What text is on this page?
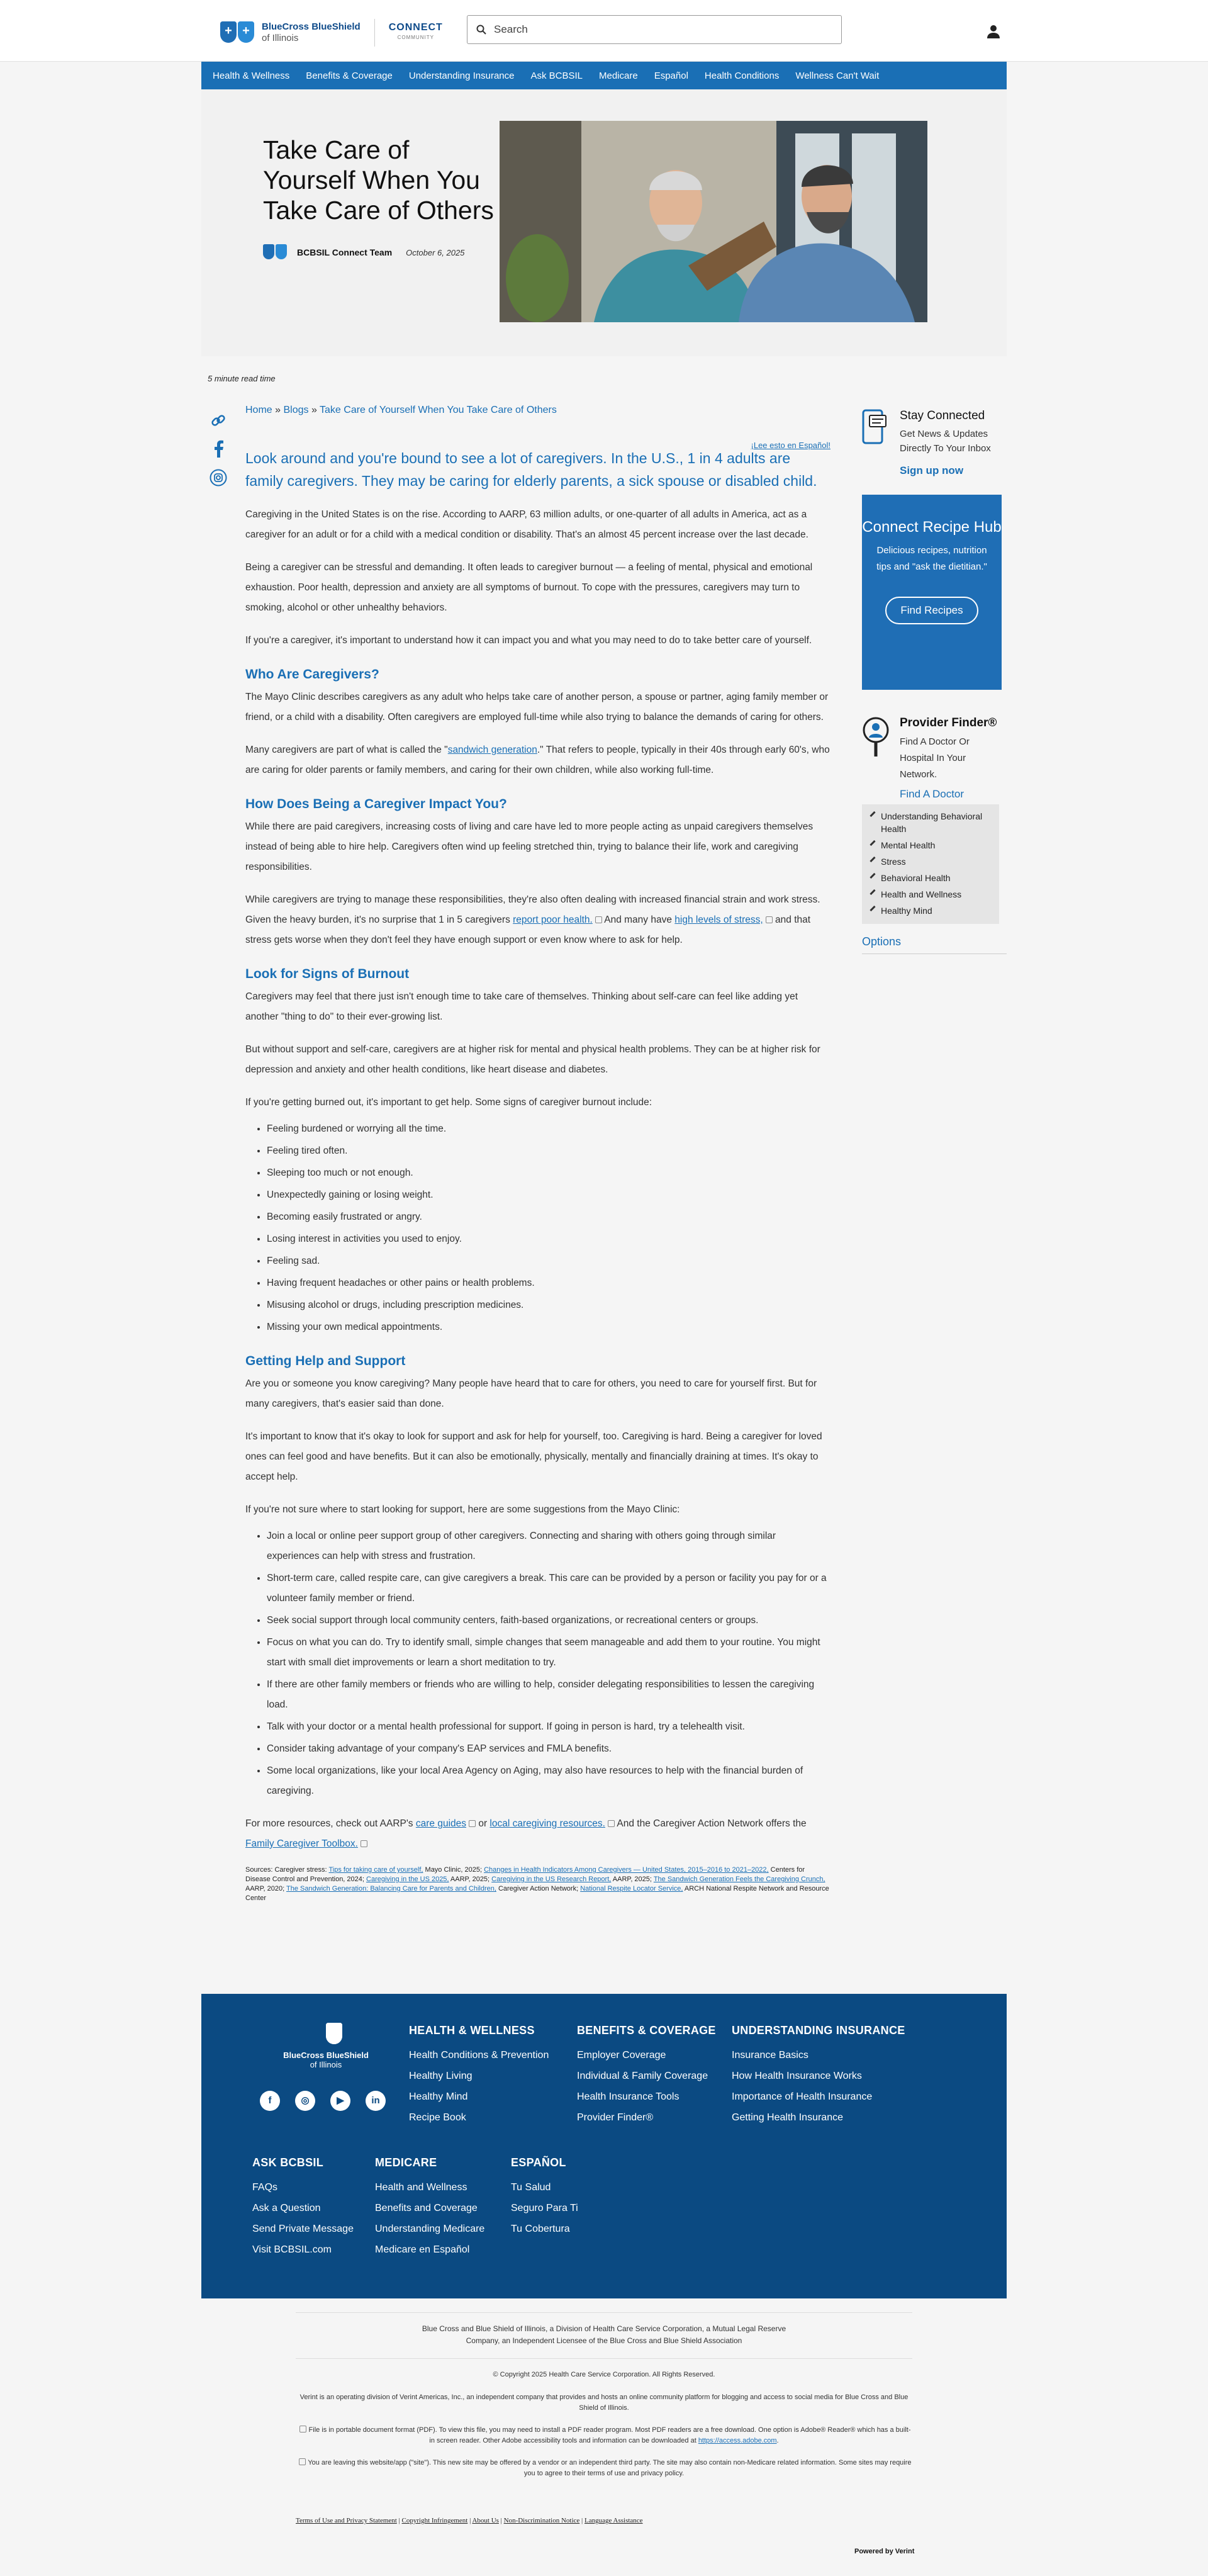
+
+
BlueCross BlueShield
of Illinois
CONNECT
COMMUNITY
Search
Health & Wellness Benefits & Coverage Understanding Insurance Ask BCBSIL Medicare Español Health Conditions Wellness Can't Wait
Take Care of Yourself When You Take Care of Others
BCBSIL Connect Team October 6, 2025
5 minute read time
Home » Blogs » Take Care of Yourself When You Take Care of Others
¡Lee esto en Español!
Look around and you're bound to see a lot of caregivers. In the U.S., 1 in 4 adults are family caregivers. They may be caring for elderly parents, a sick spouse or disabled child.

Caregiving in the United States is on the rise. According to AARP, 63 million adults, or one-quarter of all adults in America, act as a caregiver for an adult or for a child with a medical condition or disability. That's an almost 45 percent increase over the last decade.

Being a caregiver can be stressful and demanding. It often leads to caregiver burnout — a feeling of mental, physical and emotional exhaustion. Poor health, depression and anxiety are all symptoms of burnout. To cope with the pressures, caregivers may turn to smoking, alcohol or other unhealthy behaviors.

If you're a caregiver, it's important to understand how it can impact you and what you may need to do to take better care of yourself.

Who Are Caregivers?

The Mayo Clinic describes caregivers as any adult who helps take care of another person, a spouse or partner, aging family member or friend, or a child with a disability. Often caregivers are employed full-time while also trying to balance the demands of caring for others.

Many caregivers are part of what is called the "sandwich generation." That refers to people, typically in their 40s through early 60's, who are caring for older parents or family members, and caring for their own children, while also working full-time.

How Does Being a Caregiver Impact You?

While there are paid caregivers, increasing costs of living and care have led to more people acting as unpaid caregivers themselves instead of being able to hire help. Caregivers often wind up feeling stretched thin, trying to balance their life, work and caregiving responsibilities.

While caregivers are trying to manage these responsibilities, they're also often dealing with increased financial strain and work stress. Given the heavy burden, it's no surprise that 1 in 5 caregivers report poor health. And many have high levels of stress, and that stress gets worse when they don't feel they have enough support or even know where to ask for help.

Look for Signs of Burnout

Caregivers may feel that there just isn't enough time to take care of themselves. Thinking about self-care can feel like adding yet another "thing to do" to their ever-growing list.

But without support and self-care, caregivers are at higher risk for mental and physical health problems. They can be at higher risk for depression and anxiety and other health conditions, like heart disease and diabetes.

If you're getting burned out, it's important to get help. Some signs of caregiver burnout include:

• Feeling burdened or worrying all the time.
• Feeling tired often.
• Sleeping too much or not enough.
• Unexpectedly gaining or losing weight.
• Becoming easily frustrated or angry.
• Losing interest in activities you used to enjoy.
• Feeling sad.
• Having frequent headaches or other pains or health problems.
• Misusing alcohol or drugs, including prescription medicines.
• Missing your own medical appointments.
Getting Help and Support

Are you or someone you know caregiving? Many people have heard that to care for others, you need to care for yourself first. But for many caregivers, that's easier said than done.

It's important to know that it's okay to look for support and ask for help for yourself, too. Caregiving is hard. Being a caregiver for loved ones can feel good and have benefits. But it can also be emotionally, physically, mentally and financially draining at times. It's okay to accept help.

If you're not sure where to start looking for support, here are some suggestions from the Mayo Clinic:

• Join a local or online peer support group of other caregivers. Connecting and sharing with others going through similar experiences can help with stress and frustration.
• Short-term care, called respite care, can give caregivers a break. This care can be provided by a person or facility you pay for or a volunteer family member or friend.
• Seek social support through local community centers, faith-based organizations, or recreational centers or groups.
• Focus on what you can do. Try to identify small, simple changes that seem manageable and add them to your routine. You might start with small diet improvements or learn a short meditation to try.
• If there are other family members or friends who are willing to help, consider delegating responsibilities to lessen the caregiving load.
• Talk with your doctor or a mental health professional for support. If going in person is hard, try a telehealth visit.
• Consider taking advantage of your company's EAP services and FMLA benefits.
• Some local organizations, like your local Area Agency on Aging, may also have resources to help with the financial burden of caregiving.

For more resources, check out AARP's care guides or local caregiving resources. And the Caregiver Action Network offers the Family Caregiver Toolbox.

Sources: Caregiver stress: Tips for taking care of yourself, Mayo Clinic, 2025; Changes in Health Indicators Among Caregivers — United States, 2015–2016 to 2021–2022, Centers for Disease Control and Prevention, 2024; Caregiving in the US 2025, AARP, 2025; Caregiving in the US Research Report, AARP, 2025; The Sandwich Generation Feels the Caregiving Crunch, AARP, 2020; The Sandwich Generation: Balancing Care for Parents and Children, Caregiver Action Network; National Respite Locator Service, ARCH National Respite Network and Resource Center
Stay Connected
Get News & Updates Directly To Your Inbox
Sign up now
Connect Recipe Hub
Delicious recipes, nutrition tips and "ask the dietitian."
Find Recipes
Provider Finder®
Find A Doctor Or Hospital In Your Network.
Find A Doctor
Understanding Behavioral Health
Mental Health
Stress
Behavioral Health
Health and Wellness
Healthy Mind
Options
BlueCross BlueShield
of Illinois
f	◎	▶	in
HEALTH & WELLNESS
Health Conditions & Prevention
Healthy Living
Healthy Mind
Recipe Book
BENEFITS & COVERAGE
Employer Coverage
Individual & Family Coverage
Health Insurance Tools
Provider Finder®
UNDERSTANDING INSURANCE
Insurance Basics
How Health Insurance Works
Importance of Health Insurance
Getting Health Insurance
ASK BCBSIL
FAQs
Ask a Question
Send Private Message
Visit BCBSIL.com
MEDICARE
Health and Wellness
Benefits and Coverage
Understanding Medicare
Medicare en Español
ESPAÑOL
Tu Salud
Seguro Para Ti
Tu Cobertura

Blue Cross and Blue Shield of Illinois, a Division of Health Care Service Corporation, a Mutual Legal Reserve Company, an Independent Licensee of the Blue Cross and Blue Shield Association

© Copyright 2025 Health Care Service Corporation. All Rights Reserved.

Verint is an operating division of Verint Americas, Inc., an independent company that provides and hosts an online community platform for blogging and access to social media for Blue Cross and Blue Shield of Illinois.

File is in portable document format (PDF). To view this file, you may need to install a PDF reader program. Most PDF readers are a free download. One option is Adobe® Reader® which has a built-in screen reader. Other Adobe accessibility tools and information can be downloaded at https://access.adobe.com.

You are leaving this website/app ("site"). This new site may be offered by a vendor or an independent third party. The site may also contain non-Medicare related information. Some sites may require you to agree to their terms of use and privacy policy.

Terms of Use and Privacy Statement | Copyright Infringement | About Us | Non-Discrimination Notice | Language Assistance
Powered by Verint
